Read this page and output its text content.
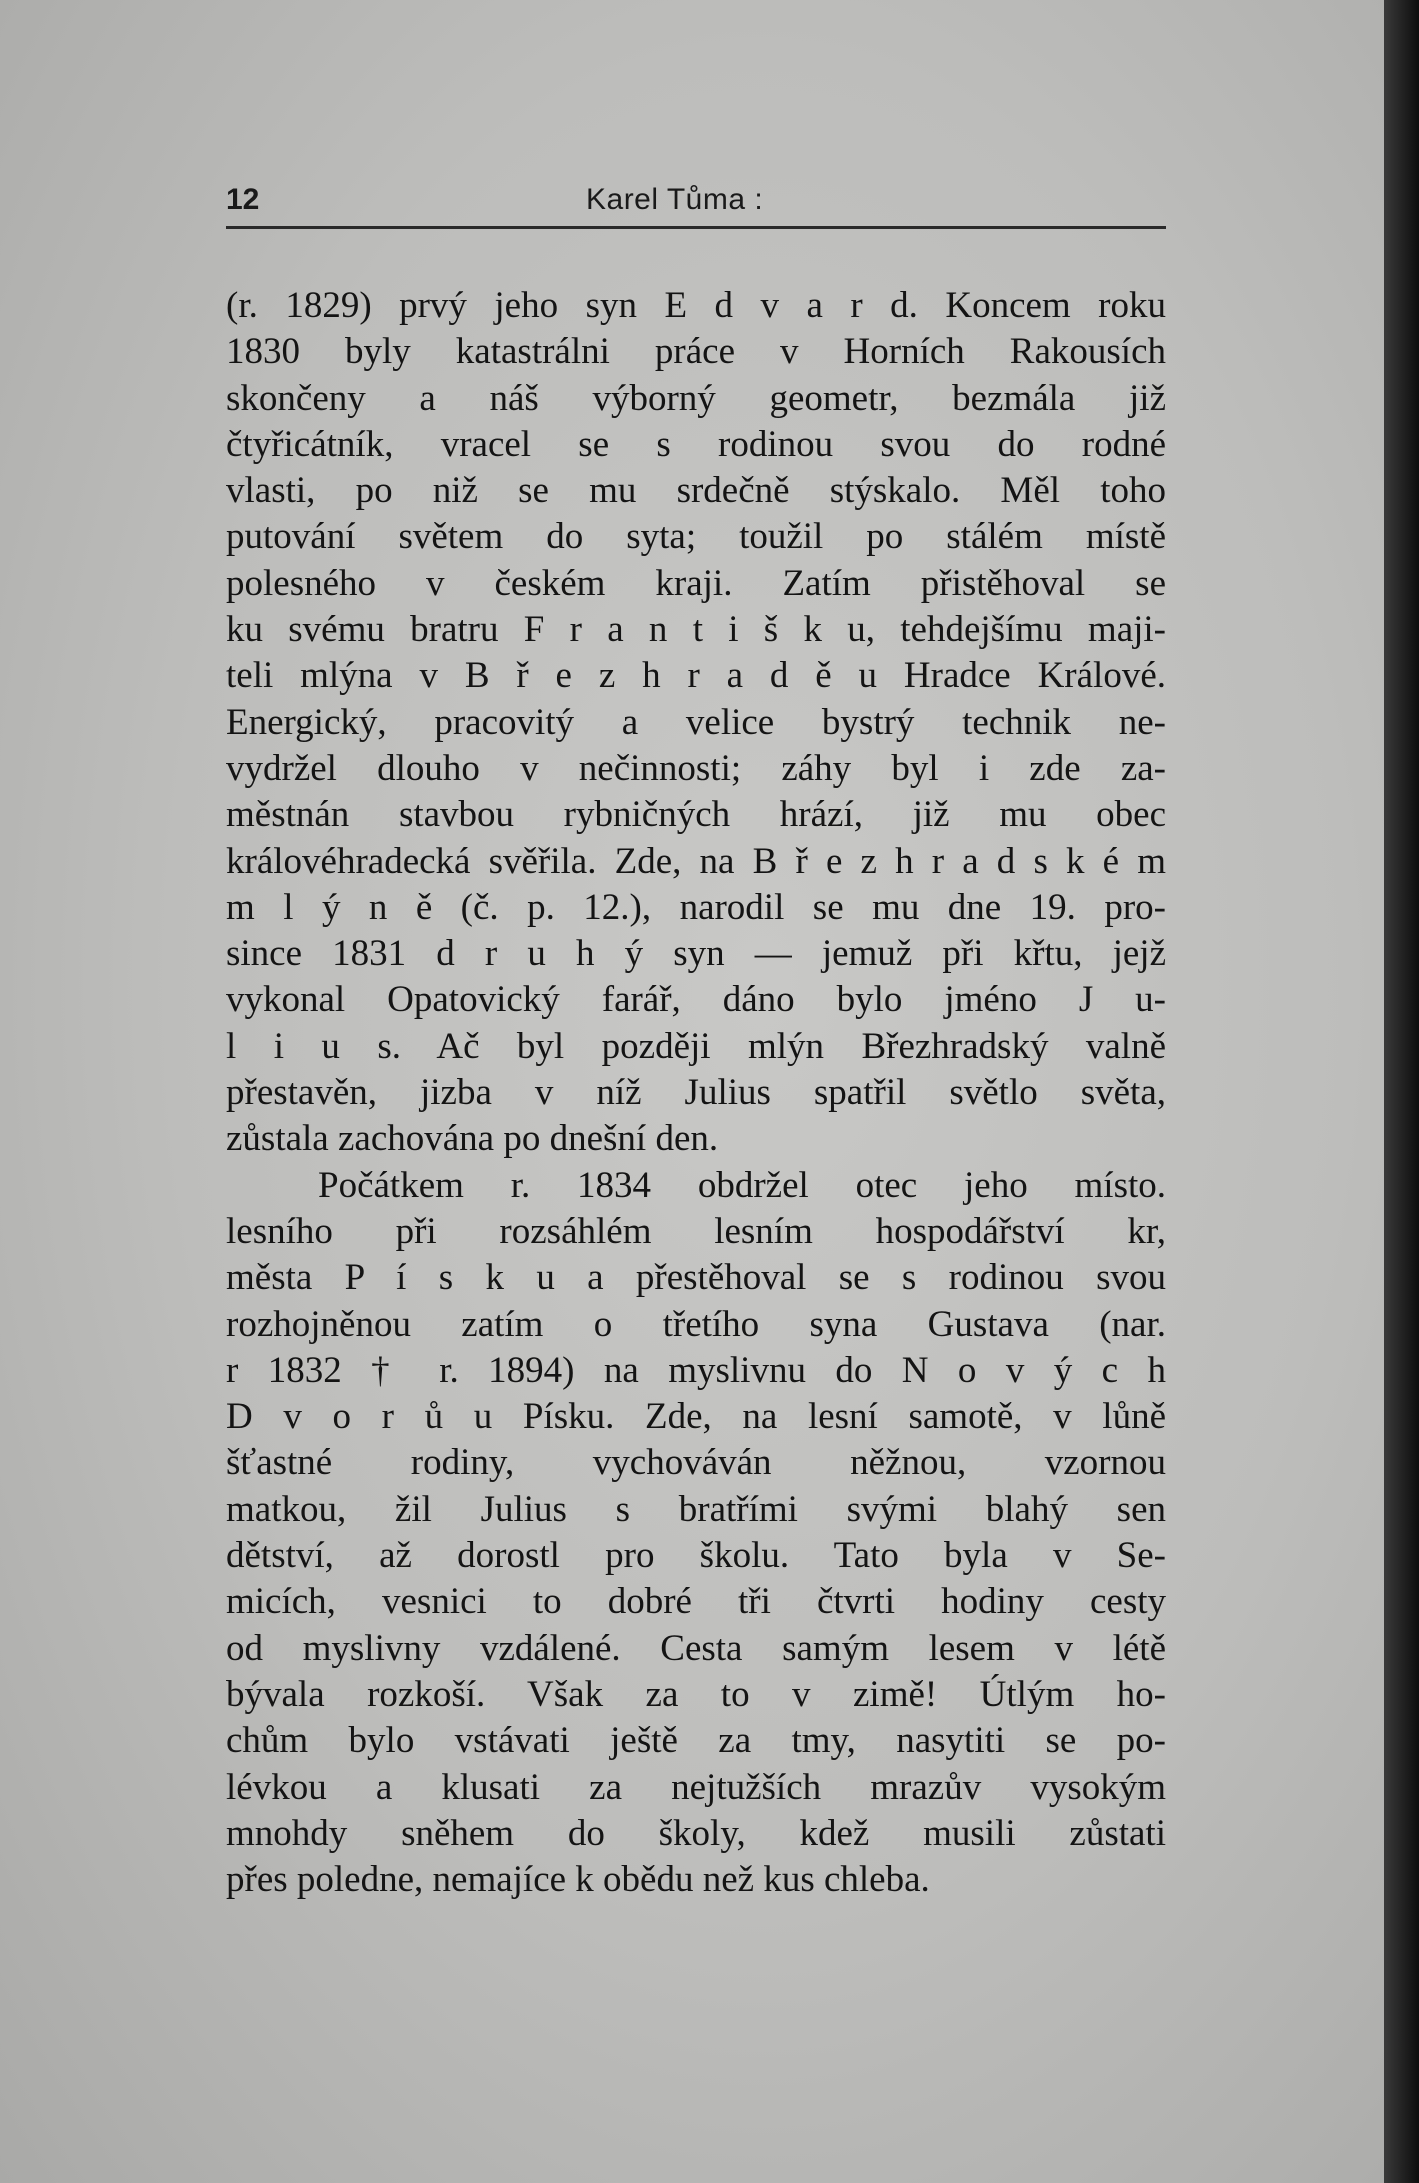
12	Karel Tůma :
(r. 1829) prvý jeho syn E d v a r d. Koncem roku
1830 byly katastrálni práce v Horních Rakousích
skončeny a náš výborný geometr, bezmála již
čtyřicátník, vracel se s rodinou svou do rodné
vlasti, po niž se mu srdečně stýskalo. Měl toho
putování světem do syta; toužil po stálém místě
polesného v českém kraji. Zatím přistěhoval se
ku svému bratru F r a n t i š k u, tehdejšímu maji-
teli mlýna v B ř e z h r a d ě u Hradce Králové.
Energický, pracovitý a velice bystrý technik ne-
vydržel dlouho v nečinnosti; záhy byl i zde za-
městnán stavbou rybničných hrází, již mu obec
královéhradecká svěřila. Zde, na B ř e z h r a d s k é m
m l ý n ě (č. p. 12.), narodil se mu dne 19. pro-
since 1831 d r u h ý syn — jemuž při křtu, jejž
vykonal Opatovický farář, dáno bylo jméno J u-
l i u s. Ač byl později mlýn Březhradský valně
přestavěn, jizba v níž Julius spatřil světlo světa,
zůstala zachována po dnešní den.
Počátkem r. 1834 obdržel otec jeho místo.
lesního při rozsáhlém lesním hospodářství kr,
města P í s k u a přestěhoval se s rodinou svou
rozhojněnou zatím o třetího syna Gustava (nar.
r 1832 † r. 1894) na myslivnu do N o v ý c h
D v o r ů u Písku. Zde, na lesní samotě, v lůně
šťastné rodiny, vychováván něžnou, vzornou
matkou, žil Julius s bratřími svými blahý sen
dětství, až dorostl pro školu. Tato byla v Se-
micích, vesnici to dobré tři čtvrti hodiny cesty
od myslivny vzdálené. Cesta samým lesem v létě
bývala rozkoší. Však za to v zimě! Útlým ho-
chům bylo vstávati ještě za tmy, nasytiti se po-
lévkou a klusati za nejtužších mrazův vysokým
mnohdy sněhem do školy, kdež musili zůstati
přes poledne, nemajíce k obědu než kus chleba.
